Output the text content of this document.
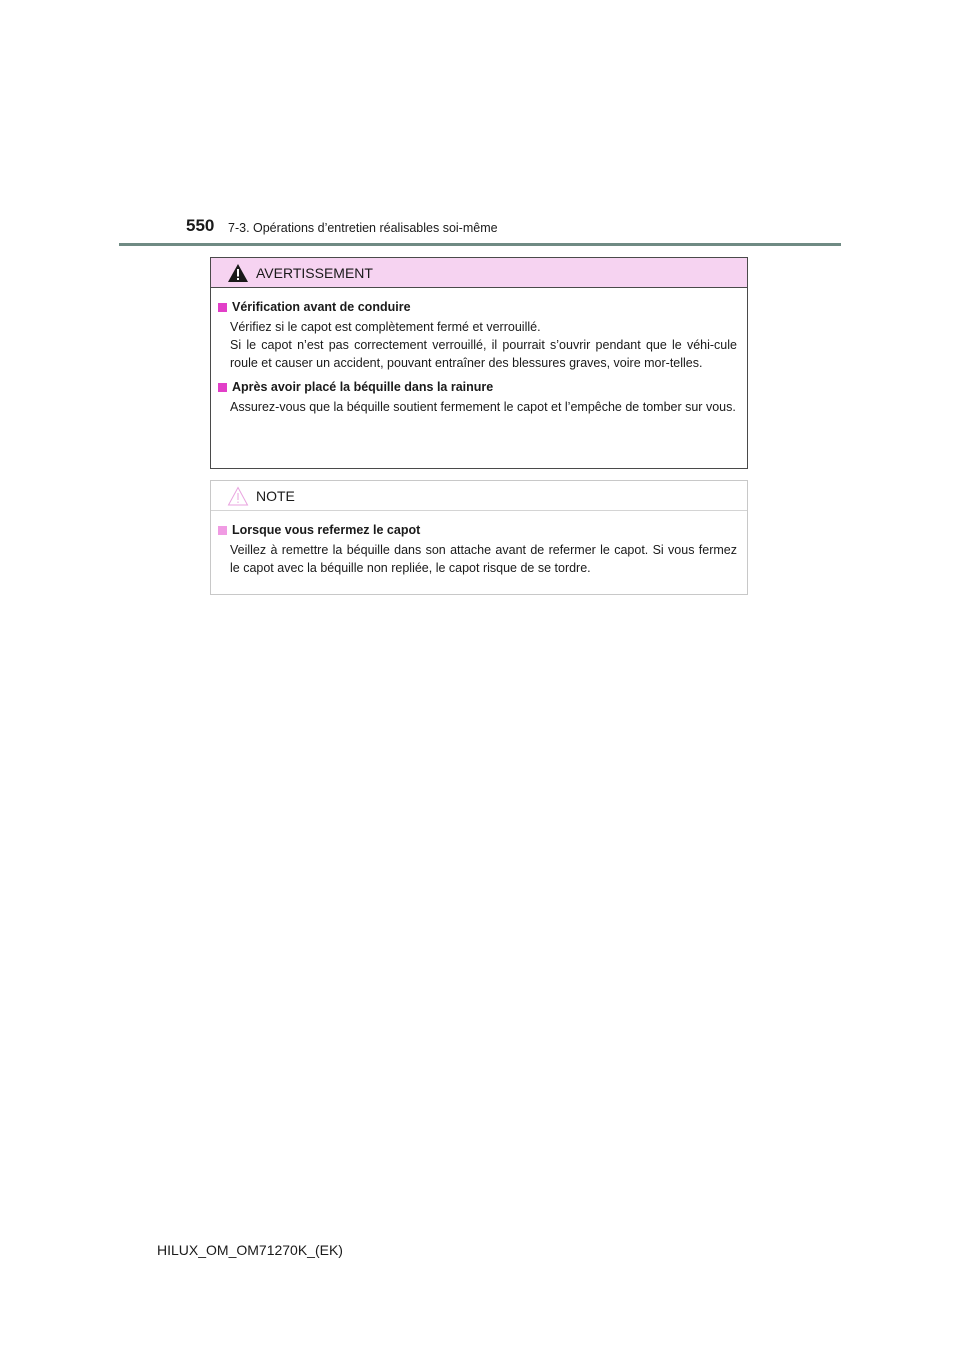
550 7-3. Opérations d’entretien réalisables soi-même
AVERTISSEMENT
Vérification avant de conduire

Vérifiez si le capot est complètement fermé et verrouillé.

Si le capot n’est pas correctement verrouillé, il pourrait s’ouvrir pendant que le véhi-cule roule et causer un accident, pouvant entraîner des blessures graves, voire mor-telles.

Après avoir placé la béquille dans la rainure

Assurez-vous que la béquille soutient fermement le capot et l’empêche de tomber sur vous.

NOTE
Lorsque vous refermez le capot

Veillez à remettre la béquille dans son attache avant de refermer le capot. Si vous fermez le capot avec la béquille non repliée, le capot risque de se tordre.

HILUX_OM_OM71270K_(EK)
